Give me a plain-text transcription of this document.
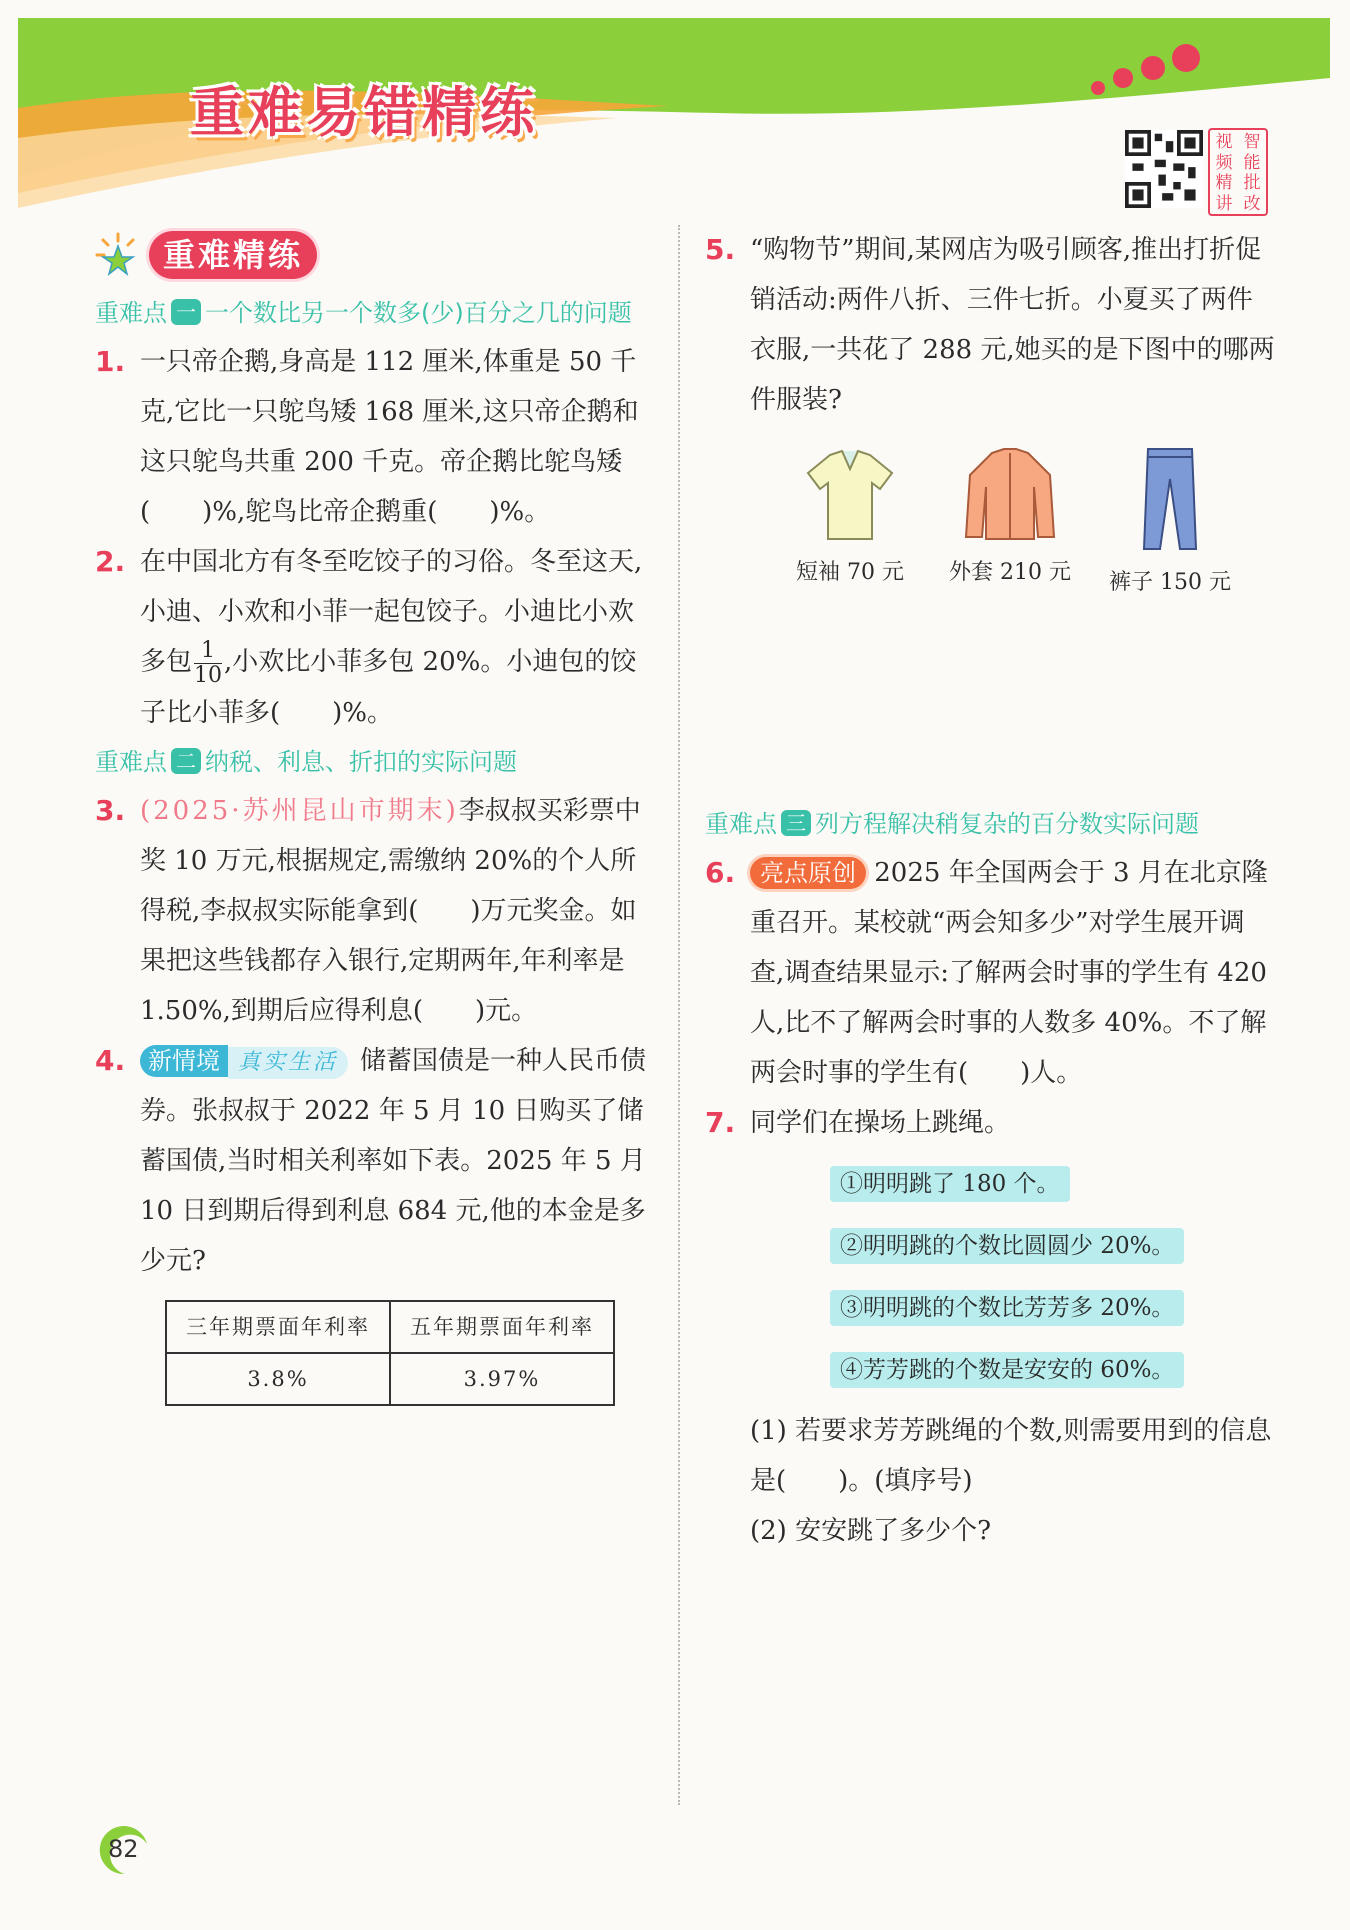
重难易错精练	视 智
频 能
精 批
讲 改
重难精练
重难点 一 一个数比另一个数多(少)百分之几的问题
1. 一只帝企鹅,身高是 112 厘米,体重是 50 千克,它比一只鸵鸟矮 168 厘米,这只帝企鹅和这只鸵鸟共重 200 千克。帝企鹅比鸵鸟矮(　　)%,鸵鸟比帝企鹅重(　　)%。
2. 在中国北方有冬至吃饺子的习俗。冬至这天,小迪、小欢和小菲一起包饺子。小迪比小欢多包 $\frac{1}{10}$ ,小欢比小菲多包 20%。小迪包的饺子比小菲多(　　)%。
重难点 二 纳税、利息、折扣的实际问题
3. (2025·苏州昆山市期末)李叔叔买彩票中奖 10 万元,根据规定,需缴纳 20%的个人所得税,李叔叔实际能拿到(　　)万元奖金。如果把这些钱都存入银行,定期两年,年利率是 1.50%,到期后应得利息(　　)元。
4. 新情境 真实生活 储蓄国债是一种人民币债券。张叔叔于 2022 年 5 月 10 日购买了储蓄国债,当时相关利率如下表。2025 年 5 月 10 日到期后得到利息 684 元,他的本金是多少元?
三年期票面年利率	五年期票面年利率
3.8%	3.97%
5. “购物节”期间,某网店为吸引顾客,推出打折促销活动:两件八折、三件七折。小夏买了两件衣服,一共花了 288 元,她买的是下图中的哪两件服装?
短袖 70 元	外套 210 元	裤子 150 元
重难点 三 列方程解决稍复杂的百分数实际问题
6. 亮点原创 2025 年全国两会于 3 月在北京隆重召开。某校就“两会知多少”对学生展开调查,调查结果显示:了解两会时事的学生有 420 人,比不了解两会时事的人数多 40%。不了解两会时事的学生有(　　)人。
7. 同学们在操场上跳绳。
①明明跳了 180 个。
②明明跳的个数比圆圆少 20%。
③明明跳的个数比芳芳多 20%。
④芳芳跳的个数是安安的 60%。
(1) 若要求芳芳跳绳的个数,则需要用到的信息是(　　)。(填序号)
(2) 安安跳了多少个?
82
